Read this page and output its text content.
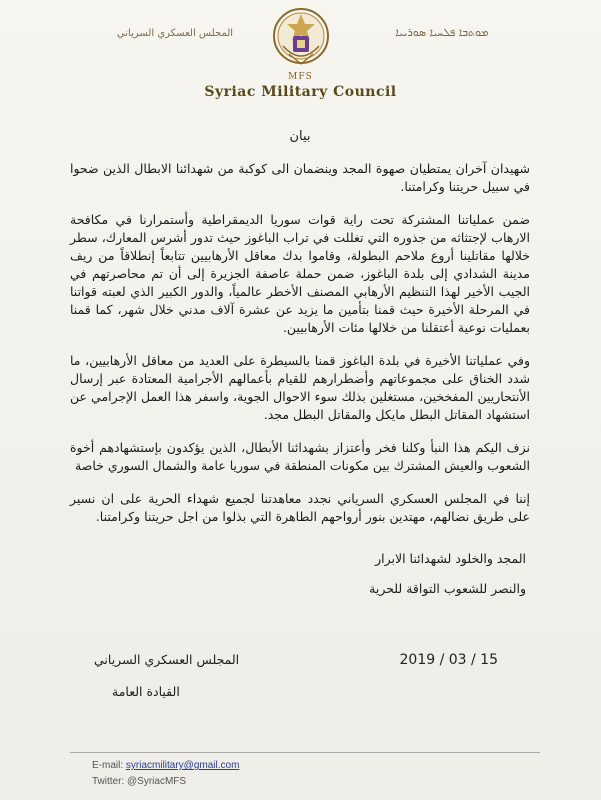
المجلس العسكري السرياني	ܡܘܬܒܐ ܦܠܚܝܐ ܣܘܪܝܝܐ
MFS
Syriac Military Council
بيان

شهيدان آخران يمتطيان صهوة المجد وينضمان الى كوكبة من شهدائنا الابطال الذين ضحوا في سبيل حريتنا وكرامتنا.

ضمن عملياتنا المشتركة تحت راية قوات سوريا الديمقراطية وأستمرارنا في مكافحة الارهاب لإجتثاثه من جذوره التي تغللت في تراب الباغوز حيث تدور أشرس المعارك، سطر خلالها مقاتلينا أروع ملاحم البطولة، وقاموا بدك معاقل الأرهابيين تتابعاً إنطلاقاً من ريف مدينة الشدادي إلى بلدة الباغوز، ضمن حملة عاصفة الجزيرة إلى أن تم محاصرتهم في الجيب الأخير لهذا التنظيم الأرهابي المصنف الأخطر عالمياً، والدور الكبير الذي لعبته قواتنا في المرحلة الأخيرة حيث قمنا بتأمين ما يزيد عن عشرة آلاف مدني خلال شهر، كما قمنا بعمليات نوعية أعتقلنا من خلالها مئات الأرهابيين.

وفي عملياتنا الأخيرة في بلدة الباغوز قمنا بالسيطرة على العديد من معاقل الأرهابيين، ما شدد الخناق على مجموعاتهم وأضطرارهم للقيام بأعمالهم الأجرامية المعتادة عبر إرسال الأنتحاريين المفخخين، مستغلين بذلك سوء الاحوال الجوية، واسفر هذا العمل الإجرامي عن استشهاد المقاتل البطل مايكل والمقاتل البطل مجد.

نزف اليكم هذا النبأ وكلنا فخر وأعتزاز بشهدائنا الأبطال، الذين يؤكدون بإستشهادهم أخوة الشعوب والعيش المشترك بين مكونات المنطقة في سوريا عامة والشمال السوري خاصة

إننا في المجلس العسكري السرياني نجدد معاهدتنا لجميع شهداء الحرية على ان نسير على طريق نضالهم، مهتدين بنور أرواحهم الطاهرة التي بذلوا من اجل حريتنا وكرامتنا.

المجد والخلود لشهدائنا الابرار
والنصر للشعوب التواقة للحرية
2019 / 03 / 15
المجلس العسكري السرياني
القيادة العامة
E-mail: syriacmilitary@gmail.com
Twitter: @SyriacMFS
